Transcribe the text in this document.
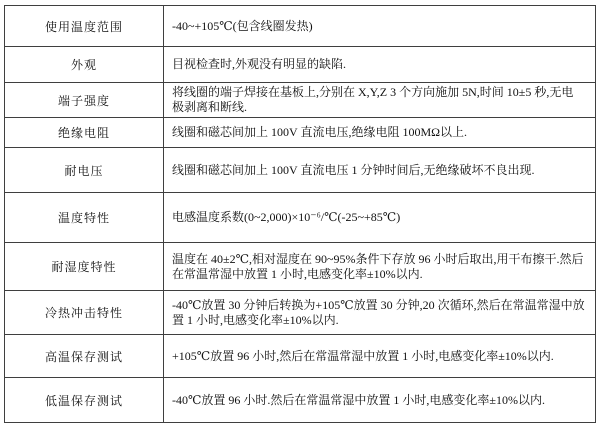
使用温度范围	-40~+105℃(包含线圈发热)
外观	目视检查时,外观没有明显的缺陷.
端子强度	将线圈的端子焊接在基板上,分别在 X,Y,Z 3 个方向施加 5N,时间 10±5 秒,无电极剥离和断线.
绝缘电阻	线圈和磁芯间加上 100V 直流电压,绝缘电阻 100MΩ以上.
耐电压	线圈和磁芯间加上 100V 直流电压 1 分钟时间后,无绝缘破坏不良出现.
温度特性	电感温度系数(0~2,000)×10⁻⁶/℃(-25~+85℃)
耐湿度特性	温度在 40±2℃,相对湿度在 90~95%条件下存放 96 小时后取出,用干布擦干.然后在常温常湿中放置 1 小时,电感变化率±10%以内.
冷热冲击特性	-40℃放置 30 分钟后转换为+105℃放置 30 分钟,20 次循环,然后在常温常湿中放置 1 小时,电感变化率±10%以内.
高温保存测试	+105℃放置 96 小时,然后在常温常湿中放置 1 小时,电感变化率±10%以内.
低温保存测试	-40℃放置 96 小时.然后在常温常湿中放置 1 小时,电感变化率±10%以内.
